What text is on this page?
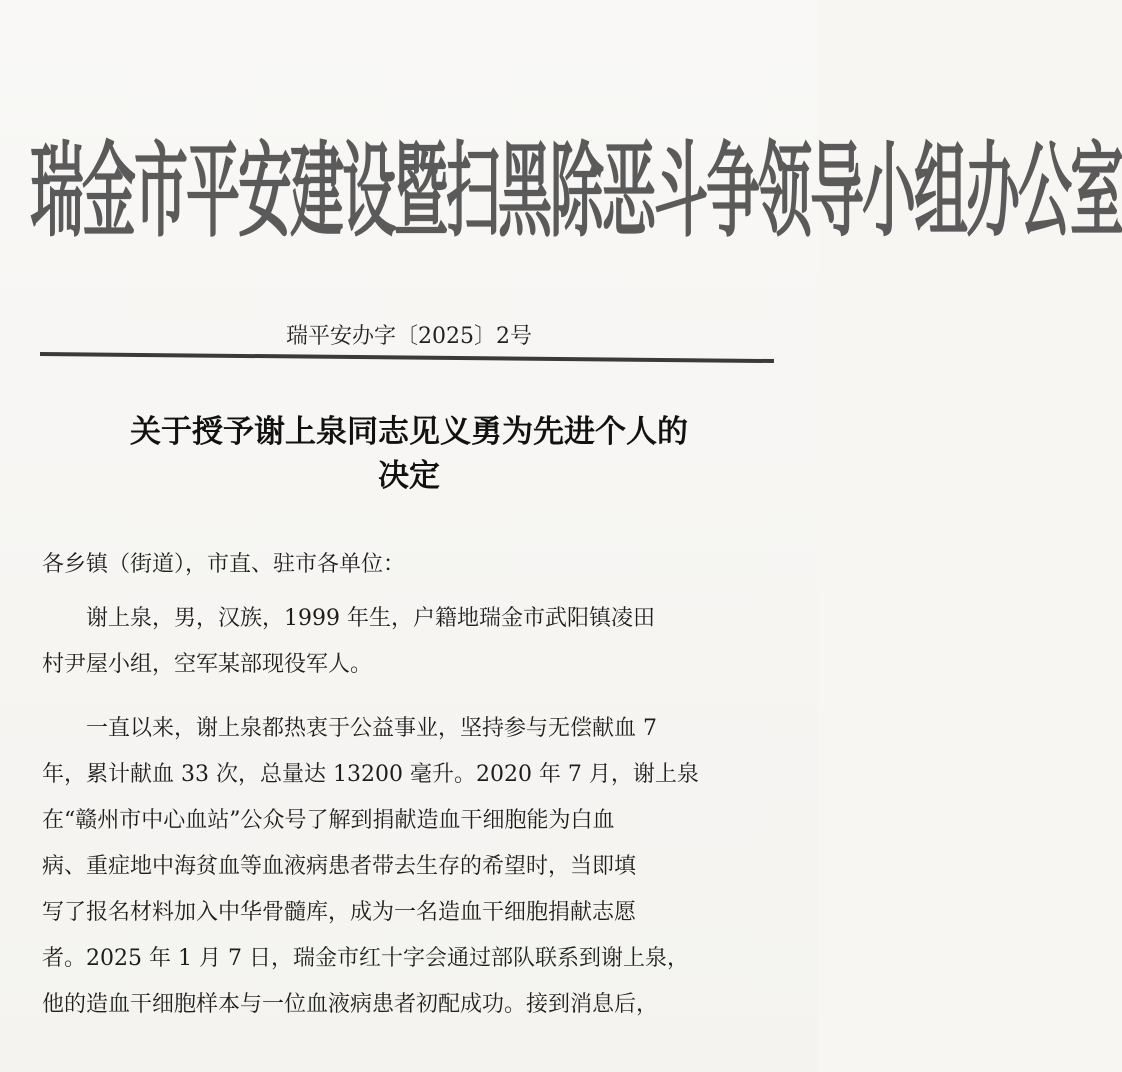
瑞金市平安建设暨扫黑除恶斗争领导小组办公室
瑞平安办字〔2025〕2号
关于授予谢上泉同志见义勇为先进个人的
决定
各乡镇（街道），市直、驻市各单位：
谢上泉，男，汉族，1999 年生，户籍地瑞金市武阳镇凌田
村尹屋小组，空军某部现役军人。
一直以来，谢上泉都热衷于公益事业，坚持参与无偿献血 7
年，累计献血 33 次，总量达 13200 毫升。2020 年 7 月，谢上泉
在“赣州市中心血站”公众号了解到捐献造血干细胞能为白血
病、重症地中海贫血等血液病患者带去生存的希望时，当即填
写了报名材料加入中华骨髓库，成为一名造血干细胞捐献志愿
者。2025 年 1 月 7 日，瑞金市红十字会通过部队联系到谢上泉，
他的造血干细胞样本与一位血液病患者初配成功。接到消息后，
